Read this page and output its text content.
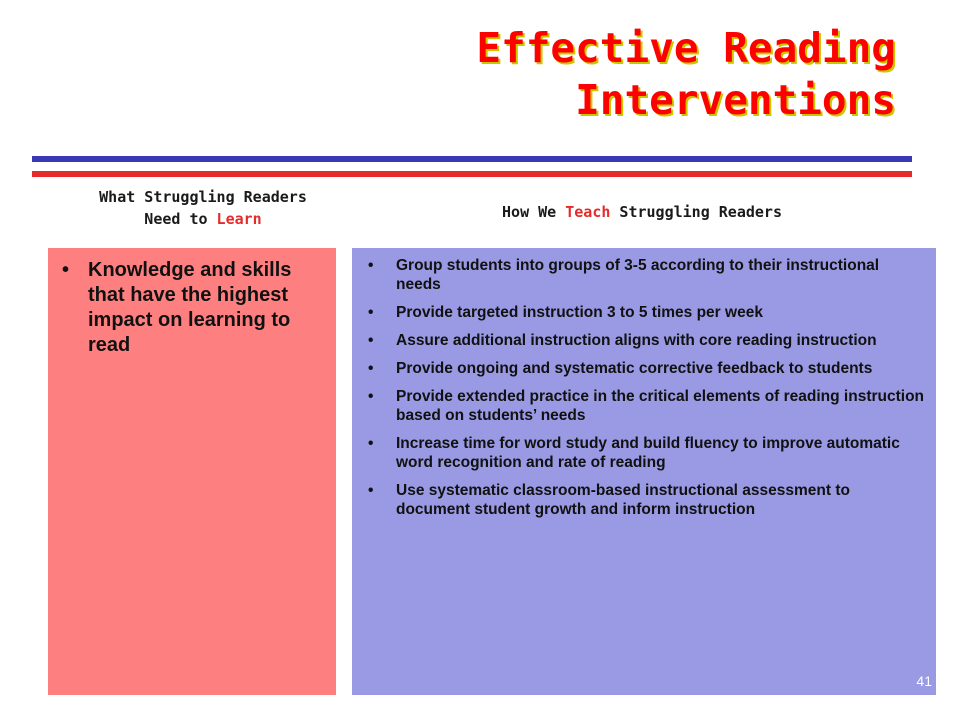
Effective Reading
Interventions
What Struggling Readers
Need to Learn	How We Teach Struggling Readers
• Knowledge and skills that have the highest impact on learning to read
• Group students into groups of 3-5 according to their instructional needs
• Provide targeted instruction 3 to 5 times per week
• Assure additional instruction aligns with core reading instruction
• Provide ongoing and systematic corrective feedback to students
• Provide extended practice in the critical elements of reading instruction based on students’ needs
• Increase time for word study and build fluency to improve automatic word recognition and rate of reading
• Use systematic classroom-based instructional assessment to document student growth and inform instruction
41
